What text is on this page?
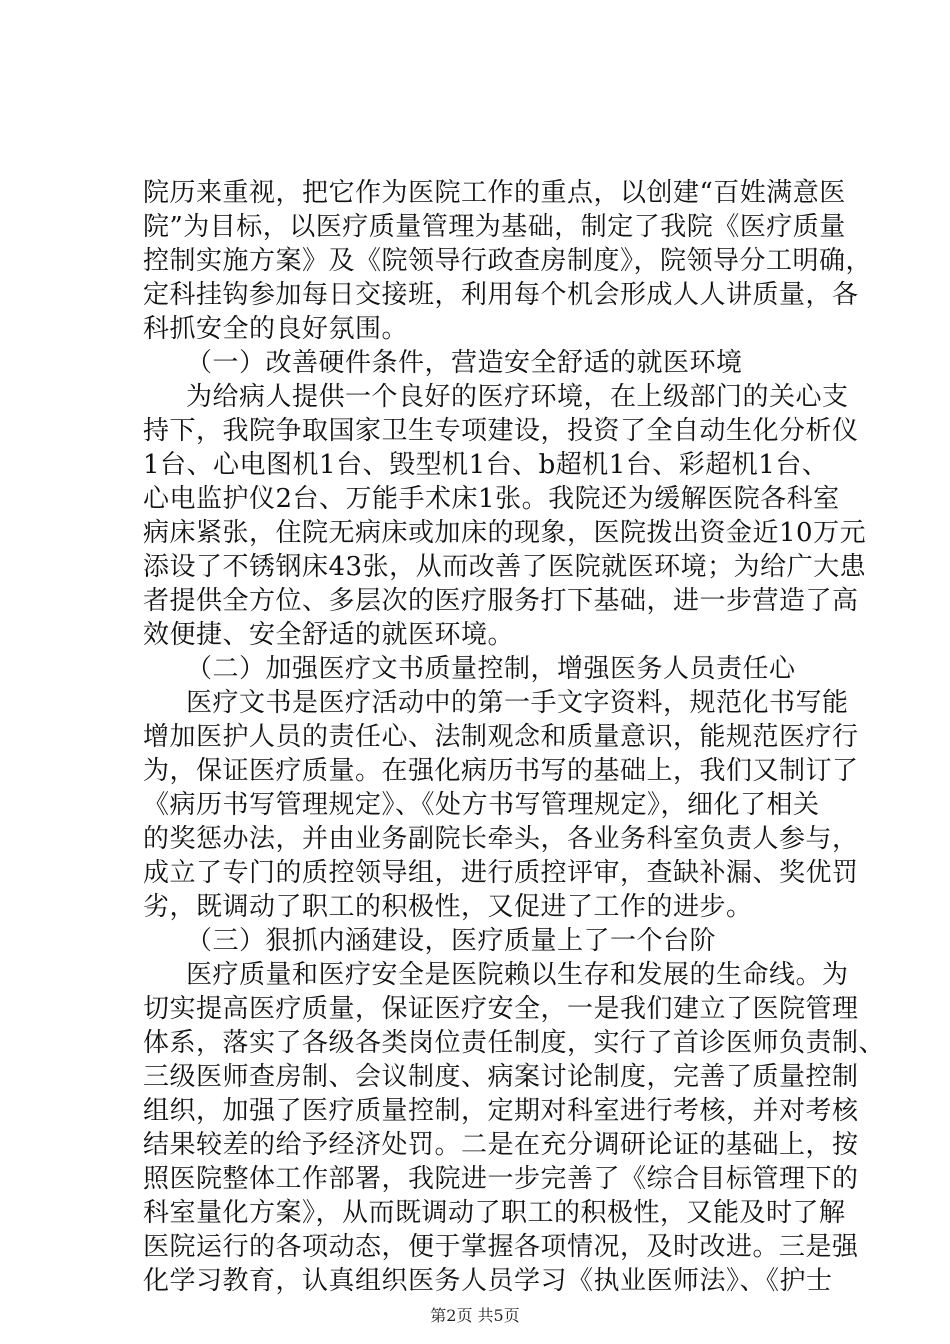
院历来重视，把它作为医院工作的重点，以创建“百姓满意医
院”为目标，以医疗质量管理为基础，制定了我院《医疗质量
控制实施方案》及《院领导行政查房制度》，院领导分工明确，
定科挂钩参加每日交接班，利用每个机会形成人人讲质量，各
科抓安全的良好氛围。
（一）改善硬件条件，营造安全舒适的就医环境
为给病人提供一个良好的医疗环境，在上级部门的关心支
持下，我院争取国家卫生专项建设，投资了全自动生化分析仪
1台、心电图机1台、毁型机1台、b超机1台、彩超机1台、
心电监护仪2台、万能手术床1张。我院还为缓解医院各科室
病床紧张，住院无病床或加床的现象，医院拨出资金近10万元
添设了不锈钢床43张，从而改善了医院就医环境；为给广大患
者提供全方位、多层次的医疗服务打下基础，进一步营造了高
效便捷、安全舒适的就医环境。
（二）加强医疗文书质量控制，增强医务人员责任心
医疗文书是医疗活动中的第一手文字资料，规范化书写能
增加医护人员的责任心、法制观念和质量意识，能规范医疗行
为，保证医疗质量。在强化病历书写的基础上，我们又制订了
《病历书写管理规定》、《处方书写管理规定》，细化了相关
的奖惩办法，并由业务副院长牵头，各业务科室负责人参与，
成立了专门的质控领导组，进行质控评审，查缺补漏、奖优罚
劣，既调动了职工的积极性，又促进了工作的进步。
（三）狠抓内涵建设，医疗质量上了一个台阶
医疗质量和医疗安全是医院赖以生存和发展的生命线。为
切实提高医疗质量，保证医疗安全，一是我们建立了医院管理
体系，落实了各级各类岗位责任制度，实行了首诊医师负责制、
三级医师查房制、会议制度、病案讨论制度，完善了质量控制
组织，加强了医疗质量控制，定期对科室进行考核，并对考核
结果较差的给予经济处罚。二是在充分调研论证的基础上，按
照医院整体工作部署，我院进一步完善了《综合目标管理下的
科室量化方案》，从而既调动了职工的积极性，又能及时了解
医院运行的各项动态，便于掌握各项情况，及时改进。三是强
化学习教育，认真组织医务人员学习《执业医师法》、《护士
第2页 共5页
